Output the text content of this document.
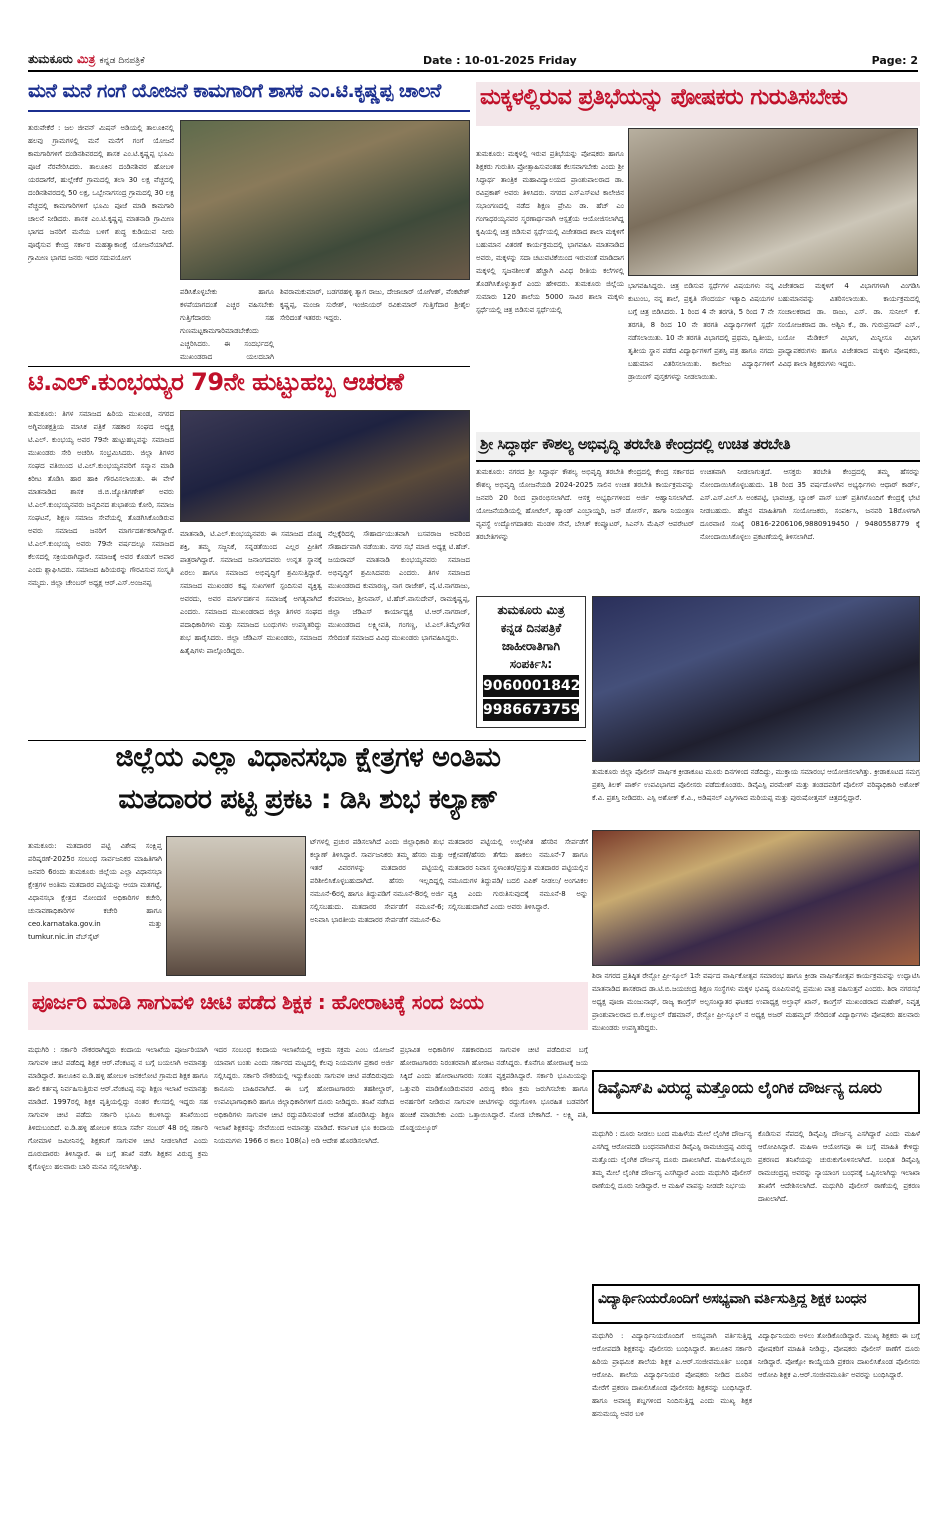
ತುಮಕೂರು ಮಿತ್ರ ಕನ್ನಡ ದಿನಪತ್ರಿಕೆ	Date : 10-01-2025 Friday	Page: 2
ಮನೆ ಮನೆ ಗಂಗೆ ಯೋಜನೆ ಕಾಮಗಾರಿಗೆ ಶಾಸಕ ಎಂ.ಟಿ.ಕೃಷ್ಣಪ್ಪ ಚಾಲನೆ
ತುರುವೇಕೆರೆ : ಜಲ ಜೀವನ್ ಮಿಷನ್ ಅಡಿಯಲ್ಲಿ ತಾಲೂಕಿನಲ್ಲಿ ಹಲವು ಗ್ರಾಮಗಳಲ್ಲಿ ಮನೆ ಮನೆಗೆ ಗಂಗೆ ಯೋಜನೆ ಕಾಮಗಾರಿಗಳಿಗೆ ದಂಡಿನಶಿವರದಲ್ಲಿ ಶಾಸಕ ಎಂ.ಟಿ.ಕೃಷ್ಣಪ್ಪ ಭೂಮಿ ಪೂಜೆ ನೆರವೇರಿಸಿದರು. ತಾಲೂಕಿನ ದಂಡಿನಶಿವರ ಹೋಬಳಿ ಯರದಾಗೆರೆ, ಹುಲ್ಲೇಕೆರೆ ಗ್ರಾಮದಲ್ಲಿ ತಲಾ 30 ಲಕ್ಷ ವೆಚ್ಚದಲ್ಲಿ ದಂಡಿನಶಿವರದಲ್ಲಿ 50 ಲಕ್ಷ, ಒಬ್ಬೇನಾಗಸಂದ್ರ ಗ್ರಾಮದಲ್ಲಿ 30 ಲಕ್ಷ ವೆಚ್ಚದಲ್ಲಿ ಕಾಮಗಾರಿಗಳಿಗೆ ಭೂಮಿ ಪೂಜೆ ಮಾಡಿ ಕಾಮಗಾರಿ ಚಾಲನೆ ನೀಡಿದರು. ಶಾಸಕ ಎಂ.ಟಿ.ಕೃಷ್ಣಪ್ಪ ಮಾತನಾಡಿ ಗ್ರಾಮೀಣ ಭಾಗದ ಜನರಿಗೆ ಮನೆಯ ಬಳಿಗೆ ಶುದ್ಧ ಕುಡಿಯುವ ನೀರು ಪೂರೈಸುವ ಕೇಂದ್ರ ಸರ್ಕಾರ ಮಹತ್ವಾಕಾಂಕ್ಷೆ ಯೋಜನೆಯಾಗಿದೆ. ಗ್ರಾಮೀಣ ಭಾಗದ ಜನರು ಇದರ ಸದುಪಯೋಗ
ಪಡಿಸಿಕೊಳ್ಳಬೇಕು ಹಾಗೂ ಕಳಪೆಯಾಗದಂತೆ ಎಚ್ಚರ ವಹಿಸಬೇಕು ಗುತ್ತಿಗೆದಾರರು ಸಹ ಗುಣಮಟ್ಟಕಾಮಗಾರಿಮಾಡಬೇಕೆಂದು ಎಚ್ಚರಿಸಿದರು. ಈ ಸಂದರ್ಭದಲ್ಲಿ ಮುಖಂಡರಾದ ಯಲದಬಾಗಿ
ಶಿವರಾಮಕುಮಾರ್, ಬಡಗರಹಳ್ಳಿ ತ್ಯಾಗ ರಾಜು, ದೇಜಾಚಾರ್ ಯೋಗೀಶ್, ವೆಂಕಟೇಶ್ ಕೃಷ್ಣಪ್ಪ, ಮಂಜಾ ಸುರೇಶ್, ಇಂಜಿನಿಯರ್ ರವಿಕುಮಾರ್ ಗುತ್ತಿಗೆದಾರ ಶ್ರೀಶೈಲ ಸೇರಿದಂತೆ ಇತರರು ಇದ್ದರು.
ಮಕ್ಕಳಲ್ಲಿರುವ ಪ್ರತಿಭೆಯನ್ನು ಪೋಷಕರು ಗುರುತಿಸಬೇಕು
ತುಮಕೂರು: ಮಕ್ಕಳಲ್ಲಿ ಇರುವ ಪ್ರತಿಭೆಯನ್ನು ಪೋಷಕರು ಹಾಗೂ ಶಿಕ್ಷಕರು ಗುರುತಿಸಿ ಪ್ರೋತ್ಸಾಹಿಸುವಂತಹ ಕೆಲಸವಾಗಬೇಕು ಎಂದು ಶ್ರೀ ಸಿದ್ಧಾರ್ಥ ತಾಂತ್ರಿಕ ಮಹಾವಿದ್ಯಾಲಯದ ಪ್ರಾಂಶುಪಾಲರಾದ ಡಾ. ರವಿಪ್ರಕಾಶ್ ಅವರು ತಿಳಿಸಿದರು. ನಗರದ ಎಸ್ಎಸ್ಐಟಿ ಕಾಲೇಜಿನ ಸಭಾಂಗಣದಲ್ಲಿ ನಡೆದ ಶಿಕ್ಷಣ ಪ್ರೇಮಿ ಡಾ. ಹೆಚ್ ಎಂ ಗಂಗಾಧರಯ್ಯನವರ ಸ್ಮರಣಾರ್ಥವಾಗಿ ಆಸ್ಪತ್ರೆಯ ಆಯೋಜಿಸಲಾಗಿದ್ದ ಕೃಷಿಯಲ್ಲಿ ಚಿತ್ರ ಬಿಡಿಸುವ ಸ್ಪರ್ಧೆಯಲ್ಲಿ ವಿಜೇತರಾದ ಶಾಲಾ ಮಕ್ಕಳಿಗೆ ಬಹುಮಾನ ವಿತರಣೆ ಕಾರ್ಯಕ್ರಮದಲ್ಲಿ ಭಾಗವಹಿಸಿ ಮಾತನಾಡಿದ ಅವರು, ಮಕ್ಕಳನ್ನು ಸದಾ ಚಟುವಟಿಕೆಯಿಂದ ಇರುವಂತೆ ಮಾಡಿದಾಗ ಮಕ್ಕಳಲ್ಲಿ ಸೃಜನಶೀಲತೆ ಹೆಚ್ಚಾಗಿ ವಿವಿಧ ರೀತಿಯ ಕಲೆಗಳಲ್ಲಿ ತೊಡಗಿಸಿಕೊಳ್ಳುತ್ತಾರೆ ಎಂದು ಹೇಳಿದರು. ತುಮಕೂರು ಜಿಲ್ಲೆಯ ಸುಮಾರು 120 ಶಾಲೆಯ 5000 ಸಾವಿರ ಶಾಲಾ ಮಕ್ಕಳು ಸ್ಪರ್ಧೆಯಲ್ಲಿ ಚಿತ್ರ ಬಿಡಿಸುವ ಸ್ಪರ್ಧೆಯಲ್ಲಿ
ಭಾಗವಹಿಸಿದ್ದರು. ಚಿತ್ರ ಬಿಡಿಸುವ ಸ್ಪರ್ಧೆಗಳ ವಿಷಯಗಳು ನನ್ನ ಕುಟುಂಬ, ನನ್ನ ಶಾಲೆ, ಪ್ರಕೃತಿ ಸೌಂದರ್ಯ ಇತ್ಯಾದಿ ವಿಷಯಗಳ ಬಗ್ಗೆ ಚಿತ್ರ ಬಿಡಿಸಿದರು. 1 ರಿಂದ 4 ನೇ ತರಗತಿ, 5 ರಿಂದ 7 ನೇ ತರಗತಿ, 8 ರಿಂದ 10 ನೇ ತರಗತಿ ವಿದ್ಯಾರ್ಥಿಗಳಿಗೆ ಸ್ಪರ್ಧೆ ನಡೆಸಲಾಯಿತು. 10 ನೇ ತರಗತಿ ವಿಭಾಗದಲ್ಲಿ ಪ್ರಥಮ, ದ್ವಿತೀಯ, ತೃತೀಯ ಸ್ಥಾನ ಪಡೆದ ವಿದ್ಯಾರ್ಥಿಗಳಿಗೆ ಪ್ರಶಸ್ತಿ ಪತ್ರ ಹಾಗೂ ನಗದು ಬಹುಮಾನ ವಿತರಿಸಲಾಯಿತು. ಕಾಲೇಜು ವಿದ್ಯಾರ್ಥಿಗಳಿಗೆ ಡ್ರಾಯಿಂಗ್ ಪುಸ್ತಕಗಳನ್ನು ನೀಡಲಾಯಿತು.
ವಿಜೇತರಾದ ಮಕ್ಕಳಿಗೆ 4 ವಿಭಾಗಗಳಾಗಿ ವಿಂಗಡಿಸಿ ಬಹುಮಾನವನ್ನು ವಿತರಿಸಲಾಯಿತು. ಕಾರ್ಯಕ್ರಮದಲ್ಲಿ ಸಂಚಾಲಕರಾದ ಡಾ. ರಾಜು, ಎಸ್. ಡಾ. ಸುನೀಲ್ ಕೆ. ಸಂಯೋಜಕರಾದ ಡಾ. ಅಶ್ವಿನಿ ಕೆ., ಡಾ. ಗುರುಪ್ರಸಾದ್ ಎಸ್., ಬಯೋ ಮೆಡಿಕಲ್ ವಿಭಾಗ, ಮಿನ್ನೀಸೂ ವಿಭಾಗ ಪ್ರಾಧ್ಯಾಪಕರುಗಳು ಹಾಗೂ ವಿಜೇತರಾದ ಮಕ್ಕಳು ಪೋಷಕರು, ವಿವಿಧ ಶಾಲಾ ಶಿಕ್ಷಕರುಗಳು ಇದ್ದರು.
ಟಿ.ಎಲ್.ಕುಂಭಯ್ಯರ 79ನೇ ಹುಟ್ಟುಹಬ್ಬ ಆಚರಣೆ
ತುಮಕೂರು: ತಿಗಳ ಸಮಾಜದ ಹಿರಿಯ ಮುಖಂಡ, ನಗರದ ಅಗ್ನಿವಂಶಕ್ಷತ್ರಿಯ ಮಾಸಿಕ ಪತ್ರಿಕೆ ಸಹಕಾರ ಸಂಘದ ಅಧ್ಯಕ್ಷ ಟಿ.ಎಲ್. ಕುಂಭಯ್ಯ ಅವರ 79ನೇ ಹುಟ್ಟುಹಬ್ಬವನ್ನು ಸಮಾಜದ ಮುಖಂಡರು ಸೇರಿ ಅಚರಿಸಿ ಸಂಭ್ರಮಿಸಿದರು. ಜಿಲ್ಲಾ ತಿಗಳರ ಸಂಘದ ವತಿಯಿಂದ ಟಿ.ಎಲ್.ಕುಂಭಯ್ಯನವರಿಗೆ ಸನ್ಮಾನ ಮಾಡಿ ಕಿರೀಟ ತೊಡಿಸಿ ಹಾರ ಹಾಕಿ ಗೌರವಿಸಲಾಯಿತು. ಈ ವೇಳೆ ಮಾತನಾಡಿದ ಶಾಸಕ ಜಿ.ಬಿ.ಜ್ಯೋತಿಗಣೇಶ್ ಅವರು ಟಿ.ಎಲ್.ಕುಂಭಯ್ಯನವರು ಜನ್ಮದಿನದ ಶುಭಾಶಯ ಕೋರಿ, ಸಮಾಜ ಸಂಘಟನೆ, ಶಿಕ್ಷಣ ಸಮಾಜ ಸೇವೆಯಲ್ಲಿ ತೊಡಗಿಸಿಕೊಂಡಿರುವ ಅವರು ಸಮಾಜದ ಜನರಿಗೆ ಮಾರ್ಗದರ್ಶಕರಾಗಿದ್ದಾರೆ. ಟಿ.ಎಲ್.ಕುಂಭಯ್ಯ ಅವರು 79ನೇ ವರ್ಷದಲ್ಲೂ ಸಮಾಜದ ಕೆಲಸದಲ್ಲಿ ಸಕ್ರಿಯರಾಗಿದ್ದಾರೆ. ಸಮಾಜಕ್ಕೆ ಅವರ ಕೊಡುಗೆ ಅಪಾರ ಎಂದು ಶ್ಲಾಘಿಸಿದರು. ಸಮಾಜದ ಹಿರಿಯರನ್ನು ಗೌರವಿಸುವ ಸಂಸ್ಕೃತಿ ನಮ್ಮದು. ಜಿಲ್ಲಾ ಚೇಂಬರ್ ಅಧ್ಯಕ್ಷ ಆರ್.ಎಸ್.ಅಂಜನಪ್ಪ
ಮಾತನಾಡಿ, ಟಿ.ಎಲ್.ಕುಂಭಯ್ಯನವರು ಈ ಸಮಾಜದ ದೊಡ್ಡ ಶಕ್ತಿ, ತಮ್ಮ ಸಜ್ಜನಿಕೆ, ಸನ್ನಡತೆಯಿಂದ ಎಲ್ಲರ ಪ್ರೀತಿಗೆ ಪಾತ್ರರಾಗಿದ್ದಾರೆ. ಸಮಾಜದ ಜನಾಂಗದವರು ಉನ್ನತ ಸ್ಥಾನಕ್ಕೆ ಏರಲು ಹಾಗೂ ಸಮಾಜದ ಅಭಿವೃದ್ಧಿಗೆ ಶ್ರಮಿಸುತ್ತಿದ್ದಾರೆ. ಸಮಾಜದ ಮುಖಂಡರ ಕಷ್ಟ ಸುಖಗಳಿಗೆ ಸ್ಪಂದಿಸುವ ವ್ಯಕ್ತಿತ್ವ ಅವರದು, ಅವರ ಮಾರ್ಗದರ್ಶನ ಸಮಾಜಕ್ಕೆ ಅಗತ್ಯವಾಗಿದೆ ಎಂದರು. ಸಮಾಜದ ಮುಖಂಡರಾದ ಜಿಲ್ಲಾ ತಿಗಳರ ಸಂಘದ ಪದಾಧಿಕಾರಿಗಳು ಮತ್ತು ಸಮಾಜದ ಬಂಧುಗಳು ಉಪಸ್ಥಿತರಿದ್ದು ಶುಭ ಹಾರೈಸಿದರು. ಜಿಲ್ಲಾ ಜೆಡಿಎಸ್ ಮುಖಂಡರು, ಸಮಾಜದ ಹಿತೈಷಿಗಳು ಪಾಲ್ಗೊಂಡಿದ್ದರು.
ನೆಲ್ಲಕ್ಕೆರಿದಲ್ಲಿ ಸೌಹಾರ್ದಯುತವಾಗಿ ಬಸವರಾಜ ಅವರಿಂದ ಸೌಹಾರ್ದವಾಗಿ ನಡೆಯಿತು. ನಗರ ಸಭೆ ಮಾಜಿ ಅಧ್ಯಕ್ಷ ಟಿ.ಹೆಚ್. ಜಯರಾಮ್ ಮಾತನಾಡಿ ಕುಂಭಯ್ಯನವರು ಸಮಾಜದ ಅಭಿವೃದ್ಧಿಗೆ ಶ್ರಮಿಸಿದವರು ಎಂದರು. ತಿಗಳ ಸಮಾಜದ ಮುಖಂಡರಾದ ಕುಮಾರಣ್ಣ, ನಾಗ ರಾಜೇಶ್, ವೈ.ಟಿ.ನಾಗರಾಜು, ಕೆಂಪರಾಜು, ಶ್ರೀನಿವಾಸ್, ಟಿ.ಹೆಚ್.ವಾಸುದೇವ್, ರಾಮಕೃಷ್ಣಪ್ಪ, ಜಿಲ್ಲಾ ಜೆಡಿಎಸ್ ಕಾರ್ಯಾಧ್ಯಕ್ಷ ಟಿ.ಆರ್.ನಾಗರಾಜ್, ಮುಖಂಡರಾದ ಲಕ್ಷ್ಮೀಪತಿ, ಗಂಗಣ್ಣ, ಟಿ.ಎಲ್.ತಿಮ್ಮೇಗೌಡ ಸೇರಿದಂತೆ ಸಮಾಜದ ವಿವಿಧ ಮುಖಂಡರು ಭಾಗವಹಿಸಿದ್ದರು.
ಶ್ರೀ ಸಿದ್ಧಾರ್ಥ ಕೌಶಲ್ಯ ಅಭಿವೃದ್ಧಿ ತರಬೇತಿ ಕೇಂದ್ರದಲ್ಲಿ ಉಚಿತ ತರಬೇತಿ
ತುಮಕೂರು: ನಗರದ ಶ್ರೀ ಸಿದ್ಧಾರ್ಥ ಕೌಶಲ್ಯ ಅಭಿವೃದ್ಧಿ ತರಬೇತಿ ಕೇಂದ್ರದಲ್ಲಿ ಕೇಂದ್ರ ಸರ್ಕಾರದ ಕೌಶಲ್ಯ ಅಭಿವೃದ್ಧಿ ಯೋಜನೆಯಡಿ 2024-2025 ಸಾಲಿನ ಉಚಿತ ತರಬೇತಿ ಕಾರ್ಯಕ್ರಮವನ್ನು ಜನವರಿ 20 ರಿಂದ ಪ್ರಾರಂಭಿಸಲಾಗಿದೆ. ಆಸಕ್ತ ಅಭ್ಯರ್ಥಿಗಳಿಂದ ಅರ್ಜಿ ಆಹ್ವಾನಿಸಲಾಗಿದೆ. ಯೋಜನೆಯಡಿಯಲ್ಲಿ ಹೋಟೆಲ್, ಹ್ಯಾಂಡ್ ಎಂಬ್ರಾಯ್ಡರಿ, ಜನ್ ಡೋರ್ಸ್, ಹಾಗಾ ನಿಯಂತ್ರಣ ವ್ಯವಸ್ಥೆ ಉದ್ಯೋಗದಾತರು ಮಂಡಳಿ ಸೇವೆ, ಬೇಸಿಕ್ ಕಂಪ್ಯೂಟರ್, ಸಿಎನ್‌ಸಿ ಮೆಷಿನ್ ಆಪರೇಟರ್ ತರಬೇತಿಗಳನ್ನು
ಉಚಿತವಾಗಿ ನೀಡಲಾಗುತ್ತದೆ. ಆಸಕ್ತರು ತರಬೇತಿ ಕೇಂದ್ರದಲ್ಲಿ ತಮ್ಮ ಹೆಸರನ್ನು ನೋಂದಾಯಿಸಿಕೊಳ್ಳಬಹುದು. 18 ರಿಂದ 35 ವರ್ಷದೊಳಗಿನ ಅಭ್ಯರ್ಥಿಗಳು ಆಧಾರ್ ಕಾರ್ಡ್, ಎಸ್.ಎಸ್.ಎಲ್.ಸಿ ಅಂಕಪಟ್ಟಿ, ಭಾವಚಿತ್ರ, ಬ್ಯಾಂಕ್ ಪಾಸ್ ಬುಕ್ ಪ್ರತಿಗಳೊಂದಿಗೆ ಕೇಂದ್ರಕ್ಕೆ ಭೇಟಿ ನೀಡಬಹುದು. ಹೆಚ್ಚಿನ ಮಾಹಿತಿಗಾಗಿ ಸಂಯೋಜಕರು, ಸಂಪರ್ಕಿಸಿ, ಜನವರಿ 18ರೊಳಗಾಗಿ ದೂರವಾಣಿ ಸಂಖ್ಯೆ 0816-2206106,9880919450 / 9480558779 ಕ್ಕೆ ನೋಂದಾಯಿಸಿಕೊಳ್ಳಲು ಪ್ರಕಟಣೆಯಲ್ಲಿ ತಿಳಿಸಲಾಗಿದೆ.
ತುಮಕೂರು ಮಿತ್ರ
ಕನ್ನಡ ದಿನಪತ್ರಿಕೆ
ಜಾಹೀರಾತಿಗಾಗಿ
ಸಂಪರ್ಕಿಸಿ:
9060001842
9986673759
ತುಮಕೂರು ಜಿಲ್ಲಾ ಪೊಲೀಸ್ ವಾರ್ಷಿಕ ಕ್ರೀಡಾಕೂಟ ಮೂರು ದಿನಗಳಿಂದ ನಡೆದಿದ್ದು, ಮುಕ್ತಾಯ ಸಮಾರಂಭ ಆಯೋಜಿಸಲಾಗಿತ್ತು. ಕ್ರೀಡಾಕೂಟದ ಸಮಗ್ರ ಪ್ರಶಸ್ತಿ ತಿಲಕ್ ಪಾರ್ಕ್ ಉಪವಿಭಾಗದ ಪೊಲೀಸರು ಪಡೆದುಕೊಂಡರು. ಡಿವೈಎಸ್ಪಿ ಪರಮೇಶ್ ಮತ್ತು ತಂಡದವರಿಗೆ ಪೊಲೀಸ್ ವರಿಷ್ಠಾಧಿಕಾರಿ ಅಶೋಕ್ ಕೆ.ವಿ. ಪ್ರಶಸ್ತಿ ನೀಡಿದರು. ಎಸ್ಪಿ ಅಶೋಕ್ ಕೆ.ವಿ., ಅಡಿಷನಲ್ ಎಸ್ಪಿಗಳಾದ ಮರಿಯಪ್ಪ ಮತ್ತು ಪುರುಷೋತ್ತಮ್ ಚಿತ್ರದಲ್ಲಿದ್ದಾರೆ.
ಜಿಲ್ಲೆಯ ಎಲ್ಲಾ ವಿಧಾನಸಭಾ ಕ್ಷೇತ್ರಗಳ ಅಂತಿಮ
ಮತದಾರರ ಪಟ್ಟಿ ಪ್ರಕಟ : ಡಿಸಿ ಶುಭ ಕಲ್ಯಾಣ್
ತುಮಕೂರು: ಮತದಾರರ ಪಟ್ಟಿ ವಿಶೇಷ ಸಂಕ್ಷಿಪ್ತ ಪರಿಷ್ಕರಣೆ-2025ರ ಸಂಬಂಧ ಸಾರ್ವಜನಿಕರ ಮಾಹಿತಿಗಾಗಿ ಜನವರಿ 6ರಂದು ತುಮಕೂರು ಜಿಲ್ಲೆಯ ಎಲ್ಲಾ ವಿಧಾನಸಭಾ ಕ್ಷೇತ್ರಗಳ ಅಂತಿಮ ಮತದಾರರ ಪಟ್ಟಿಯನ್ನು ಆಯಾ ಮತಗಟ್ಟೆ, ವಿಧಾನಸಭಾ ಕ್ಷೇತ್ರದ ನೋಂದಣಿ ಅಧಿಕಾರಿಗಳ ಕಚೇರಿ, ಚುನಾವಣಾಧಿಕಾರಿಗಳ ಕಚೇರಿ ಹಾಗೂ ceo.karnataka.gov.in ಮತ್ತು tumkur.nic.in ವೆಬ್‌ಸೈಟ್
ಟ್‌ಗಳಲ್ಲಿ ಪ್ರಚುರ ಪಡಿಸಲಾಗಿದೆ ಎಂದು ಜಿಲ್ಲಾಧಿಕಾರಿ ಶುಭ ಕಲ್ಯಾಣ್ ತಿಳಿಸಿದ್ದಾರೆ. ಸಾರ್ವಜನಿಕರು ತಮ್ಮ ಹೆಸರು ಮತ್ತು ಇತರೆ ವಿವರಗಳನ್ನು ಮತದಾರರ ಪಟ್ಟಿಯಲ್ಲಿ ಪರಿಶೀಲಿಸಿಕೊಳ್ಳಬಹುದಾಗಿದೆ. ಹೆಸರು ಇಲ್ಲದಿದ್ದಲ್ಲಿ ನಮೂನೆ-6ರಲ್ಲಿ ಹಾಗೂ ತಿದ್ದುಪಡಿಗೆ ನಮೂನೆ-8ರಲ್ಲಿ ಅರ್ಜಿ ಸಲ್ಲಿಸಬಹುದು. ಮತದಾರರ ಸೇರ್ಪಡೆಗೆ ನಮೂನೆ-6; ಅನಿವಾಸಿ ಭಾರತೀಯ ಮತದಾರರ ಸೇರ್ಪಡೆಗೆ ನಮೂನೆ-6ಎ
ಮತದಾರರ ಪಟ್ಟಿಯಲ್ಲಿ ಉಲ್ಲೇಖಿತ ಹೆಸರಿನ ಸೇರ್ಪಡೆಗೆ ಆಕ್ಷೇಪಣೆ/ಹೆಸರು ತೆಗೆದು ಹಾಕಲು ನಮೂನೆ-7 ಹಾಗೂ ಮತದಾರರ ನಿವಾಸ ಸ್ಥಳಾಂತರ/ಪ್ರಸ್ತುತ ಮತದಾರರ ಪಟ್ಟಿಯಲ್ಲಿನ ನಮೂದುಗಳ ತಿದ್ದುಪಡಿ/ ಬದಲಿ ಎಪಿಕ್ ನೀಡಲು/ ಅಂಗವಿಕಲ ವ್ಯಕ್ತಿ ಎಂದು ಗುರುತಿಸುವುದಕ್ಕೆ ನಮೂನೆ-8 ಅನ್ನು ಸಲ್ಲಿಸಬಹುದಾಗಿದೆ ಎಂದು ಅವರು ತಿಳಿಸಿದ್ದಾರೆ.
ಶಿರಾ ನಗರದ ಪ್ರತಿಷ್ಠಿತ ರೇನ್ಬೋ ಪ್ರೀ-ಸ್ಕೂಲ್ 1ನೇ ವರ್ಷದ ವಾರ್ಷಿಕೋತ್ಸವ ಸಮಾರಂಭ ಹಾಗೂ ಕ್ರೀಡಾ ವಾರ್ಷಿಕೋತ್ಸವ ಕಾರ್ಯಕ್ರಮವನ್ನು ಉದ್ಘಾಟಿಸಿ ಮಾತನಾಡಿದ ಶಾಸಕರಾದ ಡಾ.ಟಿ.ಬಿ.ಜಯಚಂದ್ರ ಶಿಕ್ಷಣ ಸಂಸ್ಥೆಗಳು ಮಕ್ಕಳ ಭವಿಷ್ಯ ರೂಪಿಸುವಲ್ಲಿ ಪ್ರಮುಖ ಪಾತ್ರ ವಹಿಸುತ್ತವೆ ಎಂದರು. ಶಿರಾ ನಗರಸಭೆ ಅಧ್ಯಕ್ಷ ಪೂಜಾ ಮಂಜುನಾಥ್, ರಾಜ್ಯ ಕಾಂಗ್ರೆಸ್ ಅಲ್ಪಸಂಖ್ಯಾತರ ಘಟಕದ ಉಪಾಧ್ಯಕ್ಷ ಅಲ್ತಾಫ್ ಖಾನ್, ಕಾಂಗ್ರೆಸ್ ಮುಖಂಡರಾದ ಮಹೇಶ್, ನಿವೃತ್ತ ಪ್ರಾಂಶುಪಾಲರಾದ ಬಿ.ಕೆ.ಅಬ್ದುಲ್ ರೆಹಮಾನ್, ರೇನ್ಬೋ ಪ್ರೀ-ಸ್ಕೂಲ್ ನ ಅಧ್ಯಕ್ಷ ಅಜರ್ ಮಹಮ್ಮದ್ ಸೇರಿದಂತೆ ವಿದ್ಯಾರ್ಥಿಗಳು ಪೋಷಕರು ಹಲವಾರು ಮುಖಂಡರು ಉಪಸ್ಥಿತರಿದ್ದರು.
ಪೂರ್ಜರಿ ಮಾಡಿ ಸಾಗುವಳಿ ಚೀಟಿ ಪಡೆದ ಶಿಕ್ಷಕ : ಹೋರಾಟಕ್ಕೆ ಸಂದ ಜಯ
ಮಧುಗಿರಿ : ಸರ್ಕಾರಿ ನೌಕರರಾಗಿದ್ದರು ಕಂದಾಯ ಇಲಾಖೆಯ ಪೂರ್ಜರಿಯಾಗಿ ಸಾಗುವಳಿ ಚೀಟಿ ಪಡೆದಿದ್ದ ಶಿಕ್ಷಕ ಆರ್.ವೆಂಕಟಪ್ಪ ನ ಬಗ್ಗೆ ಬಯಲಾಗಿ ಅಮಾನತ್ತು ಮಾಡಿದ್ದಾರೆ. ತಾಲೂಕಿನ ಐ.ಡಿ.ಹಳ್ಳಿ ಹೋಬಳಿ ಜನಕಲೋಟಿ ಗ್ರಾಮದ ಶಿಕ್ಷಕ ಹಾಗೂ ಹಾಲಿ ಕರ್ತವ್ಯ ನಿರ್ವಹಿಸುತ್ತಿರುವ ಆರ್.ವೆಂಕಟಪ್ಪ ನನ್ನು ಶಿಕ್ಷಣ ಇಲಾಖೆ ಅಮಾನತ್ತು ಮಾಡಿದೆ. 1997ರಲ್ಲಿ ಶಿಕ್ಷಕ ವೃತ್ತಿಯಲ್ಲಿದ್ದು ನಂತರ ಕೆಲಸದಲ್ಲಿ ಇದ್ದರು ಸಹ ಸಾಗುವಳಿ ಚೀಟಿ ಪಡೆದು ಸರ್ಕಾರಿ ಭೂಮಿ ಕಬಳಿಸಿದ್ದು ತನಿಖೆಯಿಂದ ತಿಳಿದುಬಂದಿದೆ. ಐ.ಡಿ.ಹಳ್ಳಿ ಹೋಬಳಿ ಕಸಬಾ ಸರ್ವೇ ನಂಬರ್ 48 ರಲ್ಲಿ ಸರ್ಕಾರಿ ಗೋಮಾಳ ಜಮೀನಿನಲ್ಲಿ ಶಿಕ್ಷಕನಿಗೆ ಸಾಗುವಳಿ ಚೀಟಿ ನೀಡಲಾಗಿದೆ ಎಂದು ದೂರುದಾರರು ತಿಳಿಸಿದ್ದಾರೆ. ಈ ಬಗ್ಗೆ ತನಿಖೆ ನಡೆಸಿ ಶಿಕ್ಷಕನ ವಿರುದ್ಧ ಕ್ರಮ ಕೈಗೊಳ್ಳಲು ಹಲವಾರು ಬಾರಿ ಮನವಿ ಸಲ್ಲಿಸಲಾಗಿತ್ತು.
ಇದರ ಸಂಬಂಧ ಕಂದಾಯ ಇಲಾಖೆಯಲ್ಲಿ ಅಕ್ರಮ ಸಕ್ರಮ ಎಂಬ ಯೋಜನೆ ಯಾವಾಗ ಬಂತು ಎಂದು ಸರ್ಕಾರದ ಮಟ್ಟದಲ್ಲಿ ಕೆಲವು ನಿಯಮಗಳ ಪ್ರಕಾರ ಅರ್ಜಿ ಸಲ್ಲಿಸಿದ್ದರು. ಸರ್ಕಾರಿ ನೌಕರಿಯಲ್ಲಿ ಇದ್ದುಕೊಂಡು ಸಾಗುವಳಿ ಚೀಟಿ ಪಡೆದಿರುವುದು ಕಾನೂನು ಬಾಹಿರವಾಗಿದೆ. ಈ ಬಗ್ಗೆ ಹೋರಾಟಗಾರರು ತಹಶೀಲ್ದಾರ್, ಉಪವಿಭಾಗಾಧಿಕಾರಿ ಹಾಗೂ ಜಿಲ್ಲಾಧಿಕಾರಿಗಳಿಗೆ ದೂರು ನೀಡಿದ್ದರು. ತನಿಖೆ ನಡೆಸಿದ ಅಧಿಕಾರಿಗಳು ಸಾಗುವಳಿ ಚೀಟಿ ರದ್ದುಪಡಿಸುವಂತೆ ಆದೇಶ ಹೊರಡಿಸಿದ್ದು ಶಿಕ್ಷಣ ಇಲಾಖೆ ಶಿಕ್ಷಕನನ್ನು ಸೇವೆಯಿಂದ ಅಮಾನತ್ತು ಮಾಡಿದೆ. ಕರ್ನಾಟಕ ಭೂ ಕಂದಾಯ ನಿಯಮಗಳು 1966 ರ ಕಾಲಂ 108(ಎ) ಅಡಿ ಆದೇಶ ಹೊರಡಿಸಲಾಗಿದೆ.
ಪ್ರಭಾವಿತ ಅಧಿಕಾರಿಗಳ ಸಹಕಾರದಿಂದ ಸಾಗುವಳಿ ಚೀಟಿ ಪಡೆದಿರುವ ಬಗ್ಗೆ ಹೋರಾಟಗಾರರು ನಿರಂತರವಾಗಿ ಹೋರಾಟ ನಡೆಸಿದ್ದರು. ಕೊನೆಗೂ ಹೋರಾಟಕ್ಕೆ ಜಯ ಸಿಕ್ಕಿದೆ ಎಂದು ಹೋರಾಟಗಾರರು ಸಂತಸ ವ್ಯಕ್ತಪಡಿಸಿದ್ದಾರೆ. ಸರ್ಕಾರಿ ಭೂಮಿಯನ್ನು ಒತ್ತುವರಿ ಮಾಡಿಕೊಂಡಿರುವವರ ವಿರುದ್ಧ ಕಠಿಣ ಕ್ರಮ ಜರುಗಿಸಬೇಕು ಹಾಗೂ ಅನರ್ಹರಿಗೆ ನೀಡಿರುವ ಸಾಗುವಳಿ ಚೀಟಿಗಳನ್ನು ರದ್ದುಗೊಳಿಸಿ ಭೂರಹಿತ ಬಡವರಿಗೆ ಹಂಚಿಕೆ ಮಾಡಬೇಕು ಎಂದು ಒತ್ತಾಯಿಸಿದ್ದಾರೆ. ನೋಡ ಬೇಕಾಗಿದೆ. - ಲಕ್ಷ್ಮಿ ಪತಿ, ದೊಡ್ಡಯಲ್ಕೂರ್
ಡಿವೈಎಸ್‌ಪಿ ವಿರುದ್ಧ ಮತ್ತೊಂದು ಲೈಂಗಿಕ ದೌರ್ಜನ್ಯ ದೂರು
ಮಧುಗಿರಿ : ದೂರು ನೀಡಲು ಬಂದ ಮಹಿಳೆಯ ಮೇಲೆ ಲೈಂಗಿಕ ದೌರ್ಜನ್ಯ ಎಸಗಿದ್ದ ಆರೋಪದಡಿ ಬಂಧನವಾಗಿರುವ ಡಿವೈಎಸ್ಪಿ ರಾಮಚಂದ್ರಪ್ಪ ವಿರುದ್ಧ ಮತ್ತೊಂದು ಲೈಂಗಿಕ ದೌರ್ಜನ್ಯ ದೂರು ದಾಖಲಾಗಿದೆ. ಮಹಿಳೆಯೊಬ್ಬರು ತಮ್ಮ ಮೇಲೆ ಲೈಂಗಿಕ ದೌರ್ಜನ್ಯ ಎಸಗಿದ್ದಾರೆ ಎಂದು ಮಧುಗಿರಿ ಪೊಲೀಸ್ ಠಾಣೆಯಲ್ಲಿ ದೂರು ನೀಡಿದ್ದಾರೆ. ಆ ಮಹಿಳೆ ವಾಪಸ್ಸು ನೀಡದೇ ನಿರ್ಭಯ
ಕೊಡಿಸುವ ನೆಪದಲ್ಲಿ ಡಿವೈಎಸ್ಪಿ ದೌರ್ಜನ್ಯ ಎಸಗಿದ್ದಾರೆ ಎಂದು ಮಹಿಳೆ ಆರೋಪಿಸಿದ್ದಾರೆ. ಮಹಿಳಾ ಆಯೋಗವೂ ಈ ಬಗ್ಗೆ ಮಾಹಿತಿ ಕೇಳಿದ್ದು ಪ್ರಕರಣದ ತನಿಖೆಯನ್ನು ಚುರುಕುಗೊಳಿಸಲಾಗಿದೆ. ಬಂಧಿತ ಡಿವೈಎಸ್ಪಿ ರಾಮಚಂದ್ರಪ್ಪ ಅವರನ್ನು ನ್ಯಾಯಾಂಗ ಬಂಧನಕ್ಕೆ ಒಪ್ಪಿಸಲಾಗಿದ್ದು ಇಲಾಖಾ ತನಿಖೆಗೆ ಆದೇಶಿಸಲಾಗಿದೆ. ಮಧುಗಿರಿ ಪೊಲೀಸ್ ಠಾಣೆಯಲ್ಲಿ ಪ್ರಕರಣ ದಾಖಲಾಗಿದೆ.
ವಿದ್ಯಾರ್ಥಿನಿಯರೊಂದಿಗೆ ಅಸಭ್ಯವಾಗಿ ವರ್ತಿಸುತ್ತಿದ್ದ ಶಿಕ್ಷಕ ಬಂಧನ
ಮಧುಗಿರಿ : ವಿದ್ಯಾರ್ಥಿನಿಯರೊಂದಿಗೆ ಅಸಭ್ಯವಾಗಿ ವರ್ತಿಸುತ್ತಿದ್ದ ಆರೋಪದಡಿ ಶಿಕ್ಷಕನನ್ನು ಪೊಲೀಸರು ಬಂಧಿಸಿದ್ದಾರೆ. ತಾಲೂಕಿನ ಸರ್ಕಾರಿ ಹಿರಿಯ ಪ್ರಾಥಮಿಕ ಶಾಲೆಯ ಶಿಕ್ಷಕ ಎ.ಆರ್.ಸಂಜೀವಮೂರ್ತಿ ಬಂಧಿತ ಆರೋಪಿ. ಶಾಲೆಯ ವಿದ್ಯಾರ್ಥಿನಿಯರ ಪೋಷಕರು ನೀಡಿದ ದೂರಿನ ಮೇರೆಗೆ ಪ್ರಕರಣ ದಾಖಲಿಸಿಕೊಂಡ ಪೊಲೀಸರು ಶಿಕ್ಷಕನನ್ನು ಬಂಧಿಸಿದ್ದಾರೆ. ಹಾಗೂ ಅವಾಚ್ಯ ಶಬ್ದಗಳಿಂದ ನಿಂದಿಸುತ್ತಿದ್ದ ಎಂದು ಮುಖ್ಯ ಶಿಕ್ಷಕ ಹನುಮಯ್ಯ ಅವರ ಬಳಿ
ವಿದ್ಯಾರ್ಥಿನಿಯರು ಅಳಲು ತೋಡಿಕೊಂಡಿದ್ದಾರೆ. ಮುಖ್ಯ ಶಿಕ್ಷಕರು ಈ ಬಗ್ಗೆ ಪೋಷಕರಿಗೆ ಮಾಹಿತಿ ನೀಡಿದ್ದು, ಪೋಷಕರು ಪೊಲೀಸ್ ಠಾಣೆಗೆ ದೂರು ನೀಡಿದ್ದಾರೆ. ಪೋಕ್ಸೋ ಕಾಯ್ದೆಯಡಿ ಪ್ರಕರಣ ದಾಖಲಿಸಿಕೊಂಡ ಪೊಲೀಸರು ಆರೋಪಿ ಶಿಕ್ಷಕ ಎ.ಆರ್.ಸಂಜೀವಮೂರ್ತಿ ಅವರನ್ನು ಬಂಧಿಸಿದ್ದಾರೆ.
